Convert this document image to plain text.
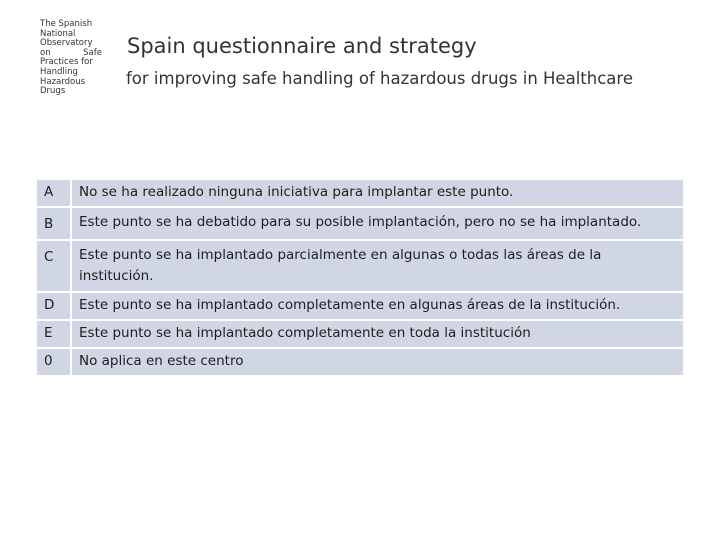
The Spanish
National
Observatory
on Safe
Practices for
Handling
Hazardous
Drugs
Spain questionnaire and strategy
for improving safe handling of hazardous drugs in Healthcare
A	No se ha realizado ninguna iniciativa para implantar este punto.
B	Este punto se ha debatido para su posible implantación, pero no se ha implantado.
C	Este punto se ha implantado parcialmente en algunas o todas las áreas de la institución.
D	Este punto se ha implantado completamente en algunas áreas de la institución.
E	Este punto se ha implantado completamente en toda la institución
0	No aplica en este centro
